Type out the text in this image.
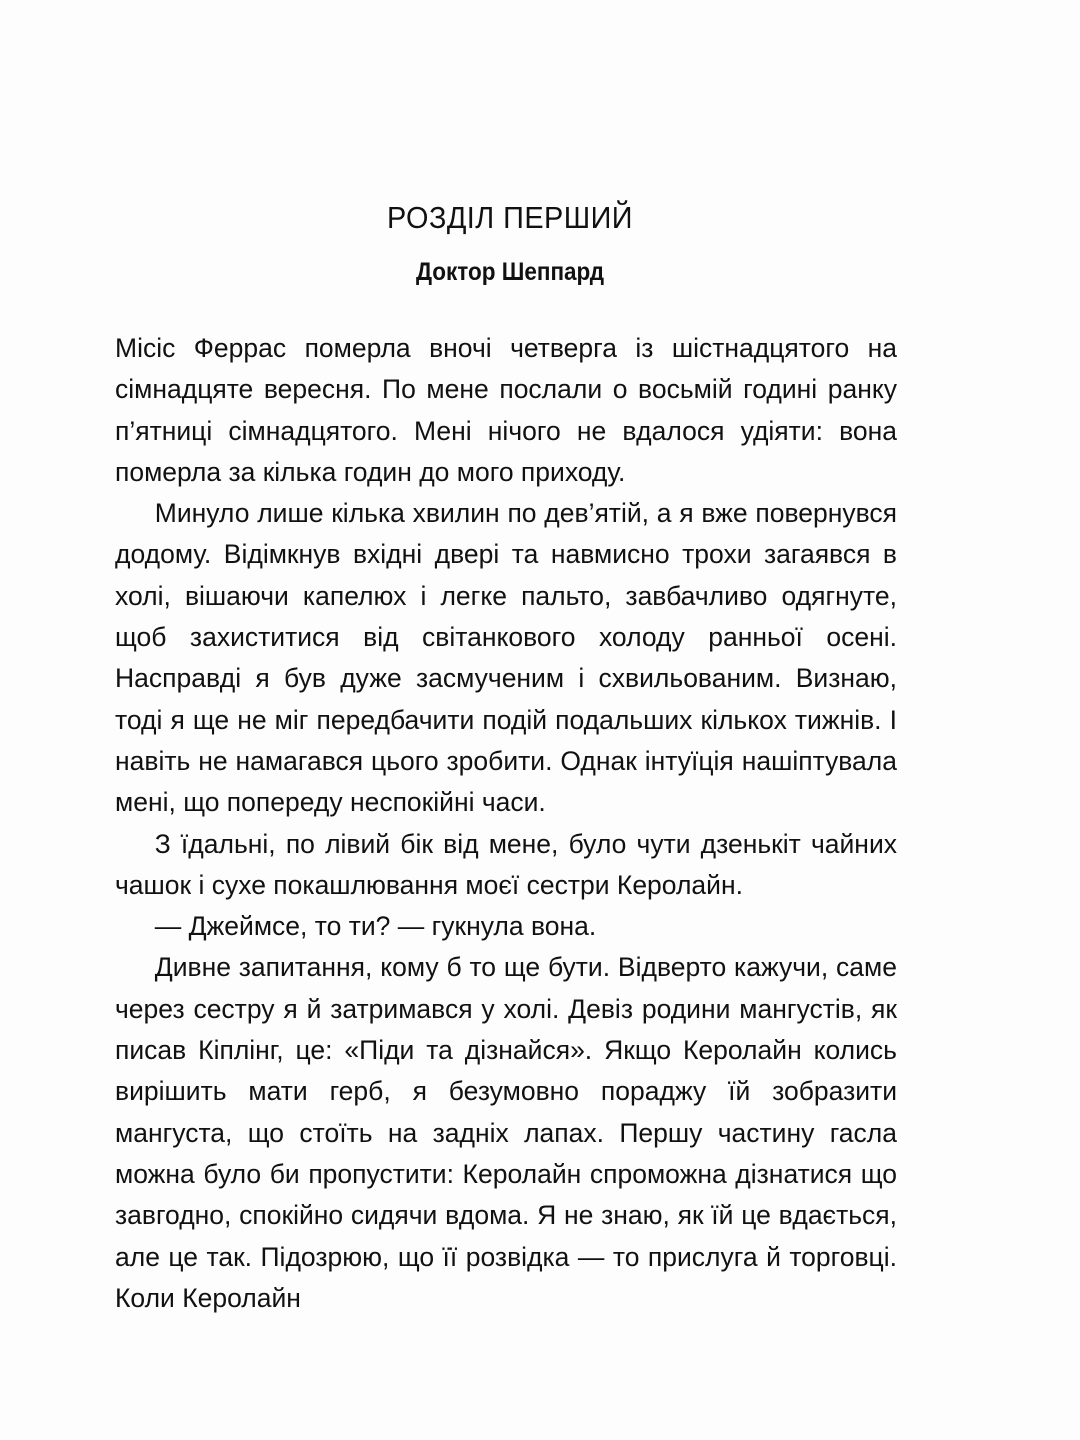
РОЗДІЛ ПЕРШИЙ
Доктор Шеппард

Місіс Феррас померла вночі четверга із шістнадцятого на сімнадцяте вересня. По мене послали о восьмій годині ранку п’ятниці сімнадцятого. Мені нічого не вдалося удіяти: вона померла за кілька годин до мого приходу.

Минуло лише кілька хвилин по дев’ятій, а я вже повернувся додому. Відімкнув вхідні двері та навмисно трохи загаявся в холі, вішаючи капелюх і легке пальто, завбачливо одягнуте, щоб захиститися від світанкового холоду ранньої осені. Насправді я був дуже засмученим і схвильованим. Визнаю, тоді я ще не міг передбачити подій подальших кількох тижнів. І навіть не намагався цього зробити. Однак інтуїція нашіптувала мені, що попереду неспокійні часи.

З їдальні, по лівий бік від мене, було чути дзенькіт чайних чашок і сухе покашлювання моєї сестри Керолайн.

— Джеймсе, то ти? — гукнула вона.

Дивне запитання, кому б то ще бути. Відверто кажучи, саме через сестру я й затримався у холі. Девіз родини мангустів, як писав Кіплінг, це: «Піди та дізнайся». Якщо Керолайн колись вирішить мати герб, я безумовно пораджу їй зобразити мангуста, що стоїть на задніх лапах. Першу частину гасла можна було би пропустити: Керолайн спроможна дізнатися що завгодно, спокійно сидячи вдома. Я не знаю, як їй це вдається, але це так. Підозрюю, що її розвідка — то прислуга й торговці. Коли Керолайн
